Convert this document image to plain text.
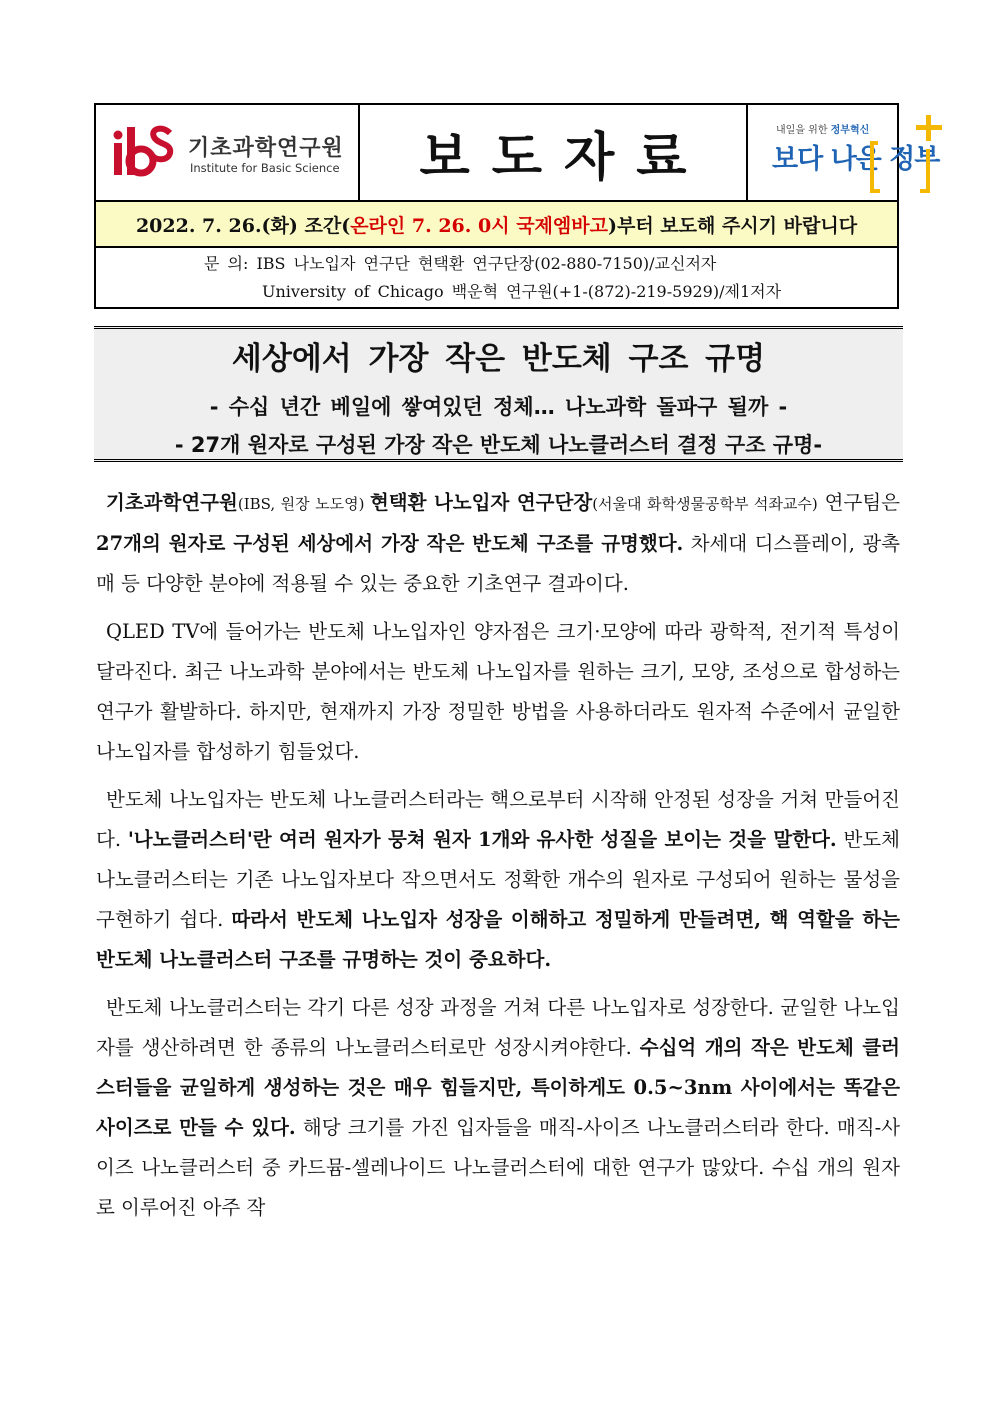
기초과학연구원
Institute for Basic Science	보도자료	내일을 위한 정부혁신
보다 나은 정부
2022. 7. 26.(화) 조간( 온라인 7. 26. 0시 국제엠바고 )부터 보도해 주시기 바랍니다
문 의: IBS 나노입자 연구단 현택환 연구단장(02-880-7150)/교신저자
University of Chicago 백운혁 연구원(+1-(872)-219-5929)/제1저자
세상에서 가장 작은 반도체 구조 규명
- 수십 년간 베일에 쌓여있던 정체… 나노과학 돌파구 될까 -
- 27개 원자로 구성된 가장 작은 반도체 나노클러스터 결정 구조 규명-

기초과학연구원(IBS, 원장 노도영) 현택환 나노입자 연구단장(서울대 화학생물공학부 석좌교수) 연구팀은 27개의 원자로 구성된 세상에서 가장 작은 반도체 구조를 규명했다. 차세대 디스플레이, 광촉매 등 다양한 분야에 적용될 수 있는 중요한 기초연구 결과이다.

QLED TV에 들어가는 반도체 나노입자인 양자점은 크기·모양에 따라 광학적, 전기적 특성이 달라진다. 최근 나노과학 분야에서는 반도체 나노입자를 원하는 크기, 모양, 조성으로 합성하는 연구가 활발하다. 하지만, 현재까지 가장 정밀한 방법을 사용하더라도 원자적 수준에서 균일한 나노입자를 합성하기 힘들었다.

반도체 나노입자는 반도체 나노클러스터라는 핵으로부터 시작해 안정된 성장을 거쳐 만들어진다. '나노클러스터'란 여러 원자가 뭉쳐 원자 1개와 유사한 성질을 보이는 것을 말한다. 반도체 나노클러스터는 기존 나노입자보다 작으면서도 정확한 개수의 원자로 구성되어 원하는 물성을 구현하기 쉽다. 따라서 반도체 나노입자 성장을 이해하고 정밀하게 만들려면, 핵 역할을 하는 반도체 나노클러스터 구조를 규명하는 것이 중요하다.

반도체 나노클러스터는 각기 다른 성장 과정을 거쳐 다른 나노입자로 성장한다. 균일한 나노입자를 생산하려면 한 종류의 나노클러스터로만 성장시켜야한다. 수십억 개의 작은 반도체 클러스터들을 균일하게 생성하는 것은 매우 힘들지만, 특이하게도 0.5~3nm 사이에서는 똑같은 사이즈로 만들 수 있다. 해당 크기를 가진 입자들을 매직-사이즈 나노클러스터라 한다. 매직-사이즈 나노클러스터 중 카드뮴-셀레나이드 나노클러스터에 대한 연구가 많았다. 수십 개의 원자로 이루어진 아주 작
